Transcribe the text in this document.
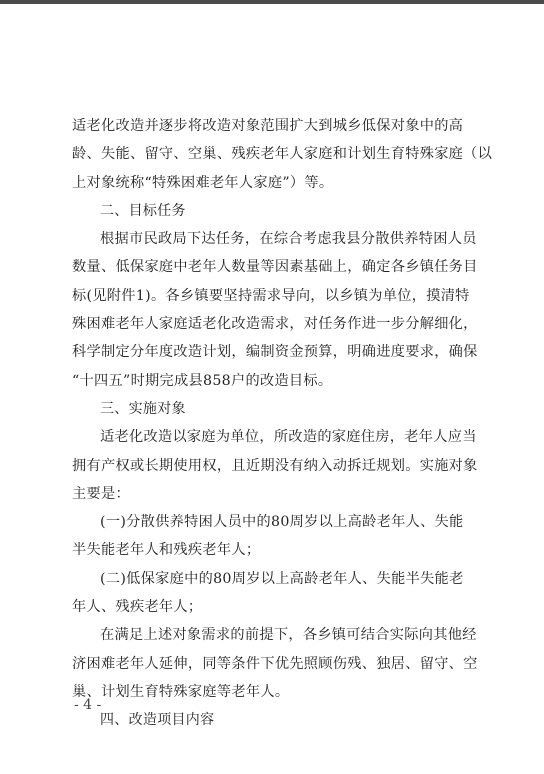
适老化改造并逐步将改造对象范围扩大到城乡低保对象中的高
龄、失能、留守、空巢、残疾老年人家庭和计划生育特殊家庭（以
上对象统称“特殊困难老年人家庭”）等。
二、目标任务
根据市民政局下达任务，在综合考虑我县分散供养特困人员
数量、低保家庭中老年人数量等因素基础上，确定各乡镇任务目
标(见附件1)。各乡镇要坚持需求导向，以乡镇为单位，摸清特
殊困难老年人家庭适老化改造需求，对任务作进一步分解细化，
科学制定分年度改造计划，编制资金预算，明确进度要求，确保
“十四五”时期完成县858户的改造目标。
三、实施对象
适老化改造以家庭为单位，所改造的家庭住房，老年人应当
拥有产权或长期使用权，且近期没有纳入动拆迁规划。实施对象
主要是：
(一)分散供养特困人员中的80周岁以上高龄老年人、失能
半失能老年人和残疾老年人；
(二)低保家庭中的80周岁以上高龄老年人、失能半失能老
年人、残疾老年人；
在满足上述对象需求的前提下，各乡镇可结合实际向其他经
济困难老年人延伸，同等条件下优先照顾伤残、独居、留守、空
巢、计划生育特殊家庭等老年人。
四、改造项目内容
- 4 -
